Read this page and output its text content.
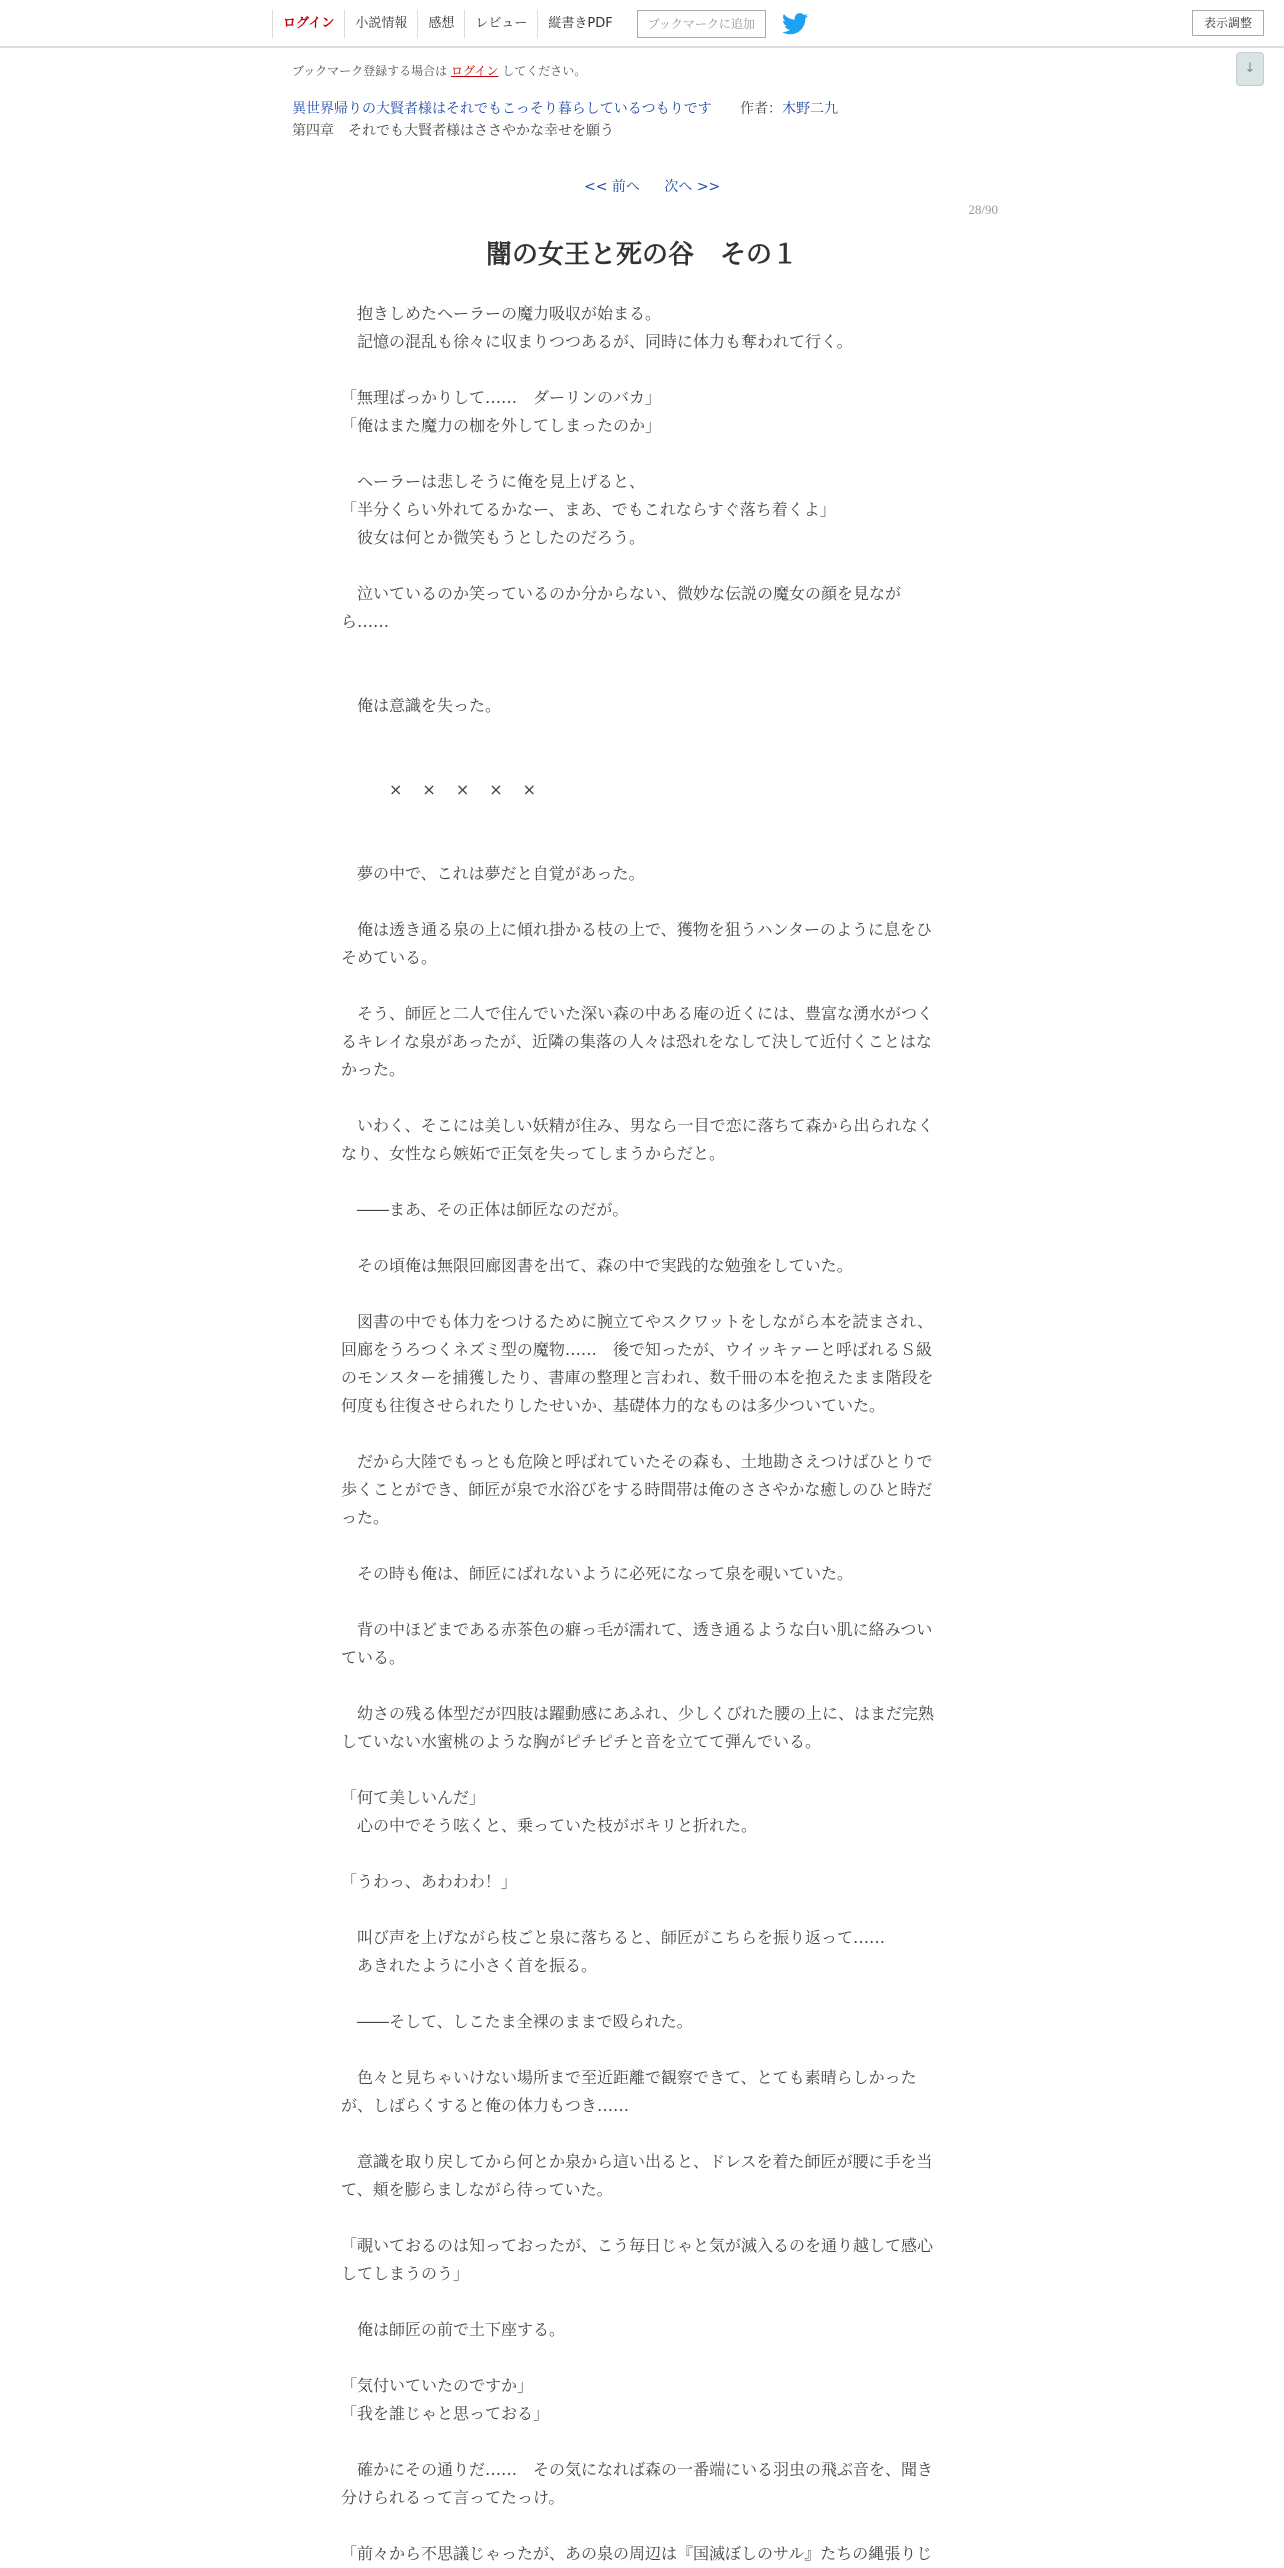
ログイン	小説情報	感想	レビュー	縦書きPDF	ブックマークに追加	表示調整
↓
ブックマーク登録する場合は ログイン してください。
異世界帰りの大賢者様はそれでもこっそり暮らしているつもりです 作者：木野二九
第四章　それでも大賢者様はささやかな幸せを願う
<< 前へ 次へ >>
28/90
闇の女王と死の谷　その１

　抱きしめたヘーラーの魔力吸収が始まる。

　記憶の混乱も徐々に収まりつつあるが、同時に体力も奪われて行く。

「無理ばっかりして……　ダーリンのバカ」

「俺はまた魔力の枷を外してしまったのか」

　ヘーラーは悲しそうに俺を見上げると、

「半分くらい外れてるかなー、まあ、でもこれならすぐ落ち着くよ」

　彼女は何とか微笑もうとしたのだろう。

　泣いているのか笑っているのか分からない、微妙な伝説の魔女の顔を見なが
ら……

　俺は意識を失った。

×　×　×　×　×

　夢の中で、これは夢だと自覚があった。

　俺は透き通る泉の上に傾れ掛かる枝の上で、獲物を狙うハンターのように息をひ
そめている。

　そう、師匠と二人で住んでいた深い森の中ある庵の近くには、豊富な湧水がつく
るキレイな泉があったが、近隣の集落の人々は恐れをなして決して近付くことはな
かった。

　いわく、そこには美しい妖精が住み、男なら一目で恋に落ちて森から出られなく
なり、女性なら嫉妬で正気を失ってしまうからだと。

　――まあ、その正体は師匠なのだが。

　その頃俺は無限回廊図書を出て、森の中で実践的な勉強をしていた。

　図書の中でも体力をつけるために腕立てやスクワットをしながら本を読まされ、
回廊をうろつくネズミ型の魔物……　後で知ったが、ウイッキァーと呼ばれるＳ級
のモンスターを捕獲したり、書庫の整理と言われ、数千冊の本を抱えたまま階段を
何度も往復させられたりしたせいか、基礎体力的なものは多少ついていた。

　だから大陸でもっとも危険と呼ばれていたその森も、土地勘さえつけばひとりで
歩くことができ、師匠が泉で水浴びをする時間帯は俺のささやかな癒しのひと時だ
った。

　その時も俺は、師匠にばれないように必死になって泉を覗いていた。

　背の中ほどまである赤茶色の癖っ毛が濡れて、透き通るような白い肌に絡みつい
ている。

　幼さの残る体型だが四肢は躍動感にあふれ、少しくびれた腰の上に、はまだ完熟
していない水蜜桃のような胸がピチピチと音を立てて弾んでいる。

「何て美しいんだ」

　心の中でそう呟くと、乗っていた枝がボキリと折れた。

「うわっ、あわわわ！」

　叫び声を上げながら枝ごと泉に落ちると、師匠がこちらを振り返って……

　あきれたように小さく首を振る。

　――そして、しこたま全裸のままで殴られた。

　色々と見ちゃいけない場所まで至近距離で観察できて、とても素晴らしかった
が、しばらくすると俺の体力もつき……

　意識を取り戻してから何とか泉から這い出ると、ドレスを着た師匠が腰に手を当
て、頬を膨らましながら待っていた。

「覗いておるのは知っておったが、こう毎日じゃと気が滅入るのを通り越して感心
してしまうのう」

　俺は師匠の前で土下座する。

「気付いていたのですか」

「我を誰じゃと思っておる」

　確かにその通りだ……　その気になれば森の一番端にいる羽虫の飛ぶ音を、聞き
分けられるって言ってたっけ。

「前々から不思議じゃったが、あの泉の周辺は『国滅ぼしのサル』たちの縄張りじ
